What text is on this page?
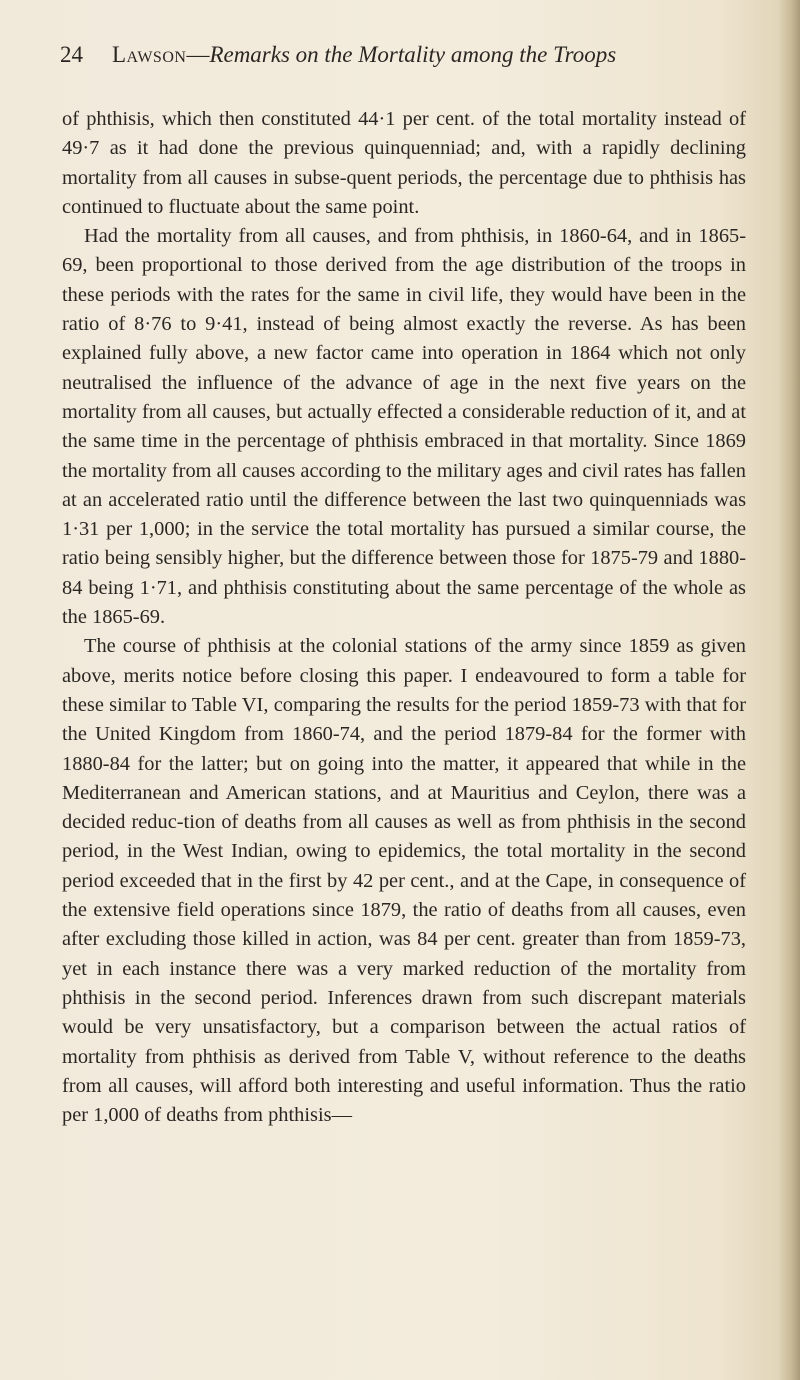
24 Lawson—Remarks on the Mortality among the Troops

of phthisis, which then constituted 44·1 per cent. of the total mortality instead of 49·7 as it had done the previous quinquenniad; and, with a rapidly declining mortality from all causes in subse-quent periods, the percentage due to phthisis has continued to fluctuate about the same point.

Had the mortality from all causes, and from phthisis, in 1860-64, and in 1865-69, been proportional to those derived from the age distribution of the troops in these periods with the rates for the same in civil life, they would have been in the ratio of 8·76 to 9·41, instead of being almost exactly the reverse. As has been explained fully above, a new factor came into operation in 1864 which not only neutralised the influence of the advance of age in the next five years on the mortality from all causes, but actually effected a considerable reduction of it, and at the same time in the percentage of phthisis embraced in that mortality. Since 1869 the mortality from all causes according to the military ages and civil rates has fallen at an accelerated ratio until the difference between the last two quinquenniads was 1·31 per 1,000; in the service the total mortality has pursued a similar course, the ratio being sensibly higher, but the difference between those for 1875-79 and 1880-84 being 1·71, and phthisis constituting about the same percentage of the whole as the 1865-69.

The course of phthisis at the colonial stations of the army since 1859 as given above, merits notice before closing this paper. I endeavoured to form a table for these similar to Table VI, comparing the results for the period 1859-73 with that for the United Kingdom from 1860-74, and the period 1879-84 for the former with 1880-84 for the latter; but on going into the matter, it appeared that while in the Mediterranean and American stations, and at Mauritius and Ceylon, there was a decided reduc-tion of deaths from all causes as well as from phthisis in the second period, in the West Indian, owing to epidemics, the total mortality in the second period exceeded that in the first by 42 per cent., and at the Cape, in consequence of the extensive field operations since 1879, the ratio of deaths from all causes, even after excluding those killed in action, was 84 per cent. greater than from 1859-73, yet in each instance there was a very marked reduction of the mortality from phthisis in the second period. Inferences drawn from such discrepant materials would be very unsatisfactory, but a comparison between the actual ratios of mortality from phthisis as derived from Table V, without reference to the deaths from all causes, will afford both interesting and useful information. Thus the ratio per 1,000 of deaths from phthisis—
